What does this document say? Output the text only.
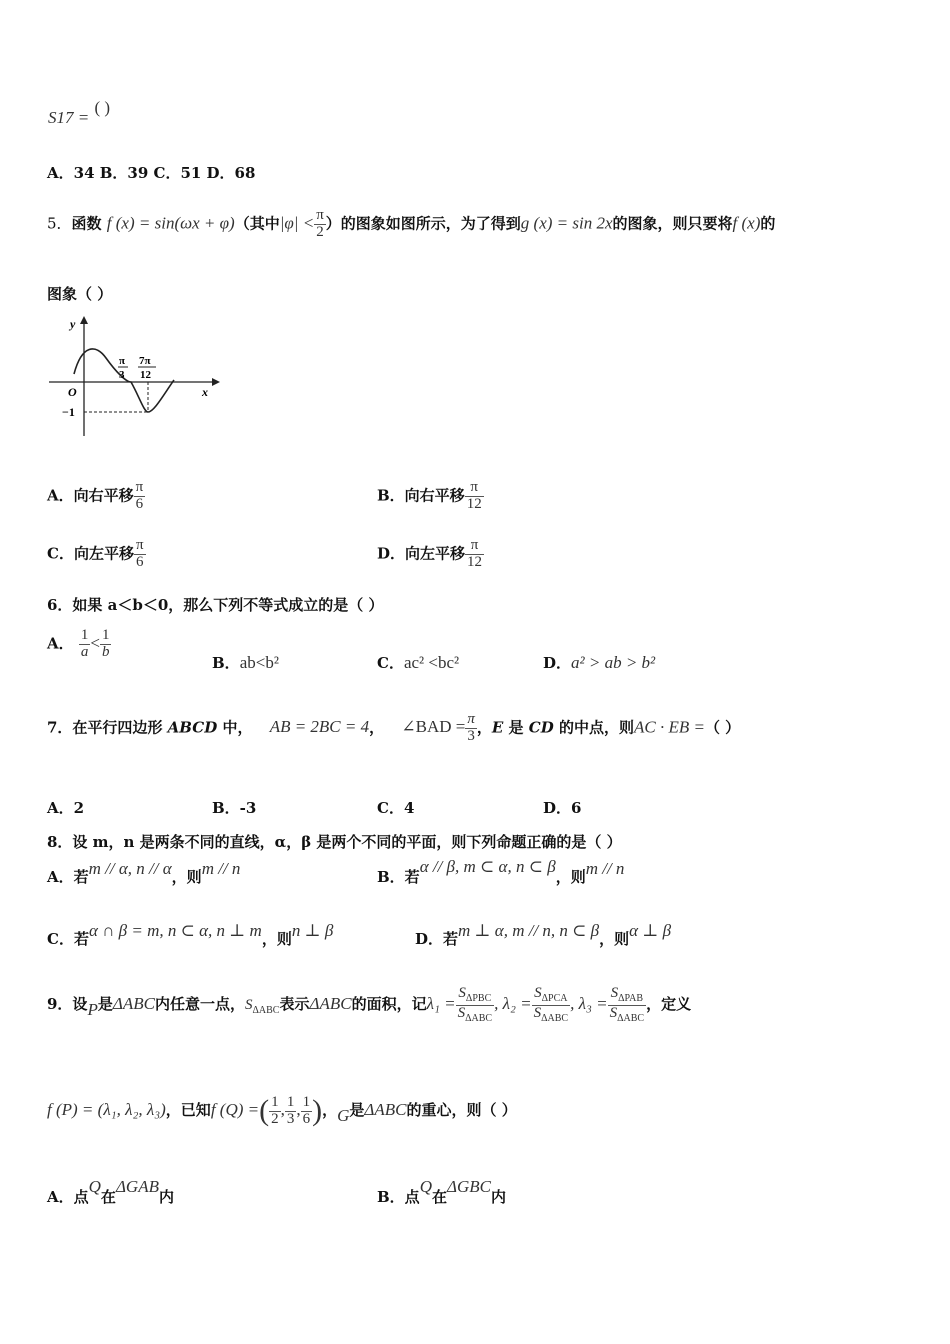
S17 = ( )
A．34 B．39 C．51 D．68
5．函数 f (x) = sin(ωx + φ)（其中$|\varphi| < \frac{\pi}{2}$ ）的图象如图所示，为了得到g (x) = sin 2x的图象，则只要将f (x)的
图象（ ）
y
x
O
−1
π
3
7π
12
A．向右平移 $\frac{\pi}{6}$	B．向右平移 $\frac{\pi}{12}$
C．向左平移 $\frac{\pi}{6}$	D．向左平移 $\frac{\pi}{12}$
6．如果 a＜b＜0，那么下列不等式成立的是（ ）
A． $\frac{1}{a} < \frac{1}{b}$
B．ab<b²	C．ac² <bc²	D．a² > ab > b²
7．在平行四边形 ABCD 中， AB = 2BC = 4， ∠BAD = $\frac{\pi}{3}$ ，E 是 CD 的中点，则AC · EB =（ ）
A．2	B．-3	C．4	D．6
8．设 m，n 是两条不同的直线，α，β 是两个不同的平面，则下列命题正确的是（ ）
A．若m // α, n // α，则m // n	B．若α // β, m ⊂ α, n ⊂ β，则m // n
C．若α ∩ β = m, n ⊂ α, n ⊥ m，则n ⊥ β	D．若m ⊥ α, m // n, n ⊂ β，则α ⊥ β
9．设P是ΔABC内任意一点，$S_{\Delta ABC}$表示ΔABC的面积，记$\lambda_1 = \frac{S_{\Delta PBC}}{S_{\Delta ABC}}$ , $\lambda_2 = \frac{S_{\Delta PCA}}{S_{\Delta ABC}}$ , $\lambda_3 = \frac{S_{\Delta PAB}}{S_{\Delta ABC}}$ ，定义
f (P) = (λ₁, λ₂, λ₃)，已知f (Q) =( $\frac{1}{2}$ , $\frac{1}{3}$ , $\frac{1}{6}$ )，G是ΔABC的重心，则（ ）
A．点Q在ΔGAB内	B．点Q在ΔGBC内
